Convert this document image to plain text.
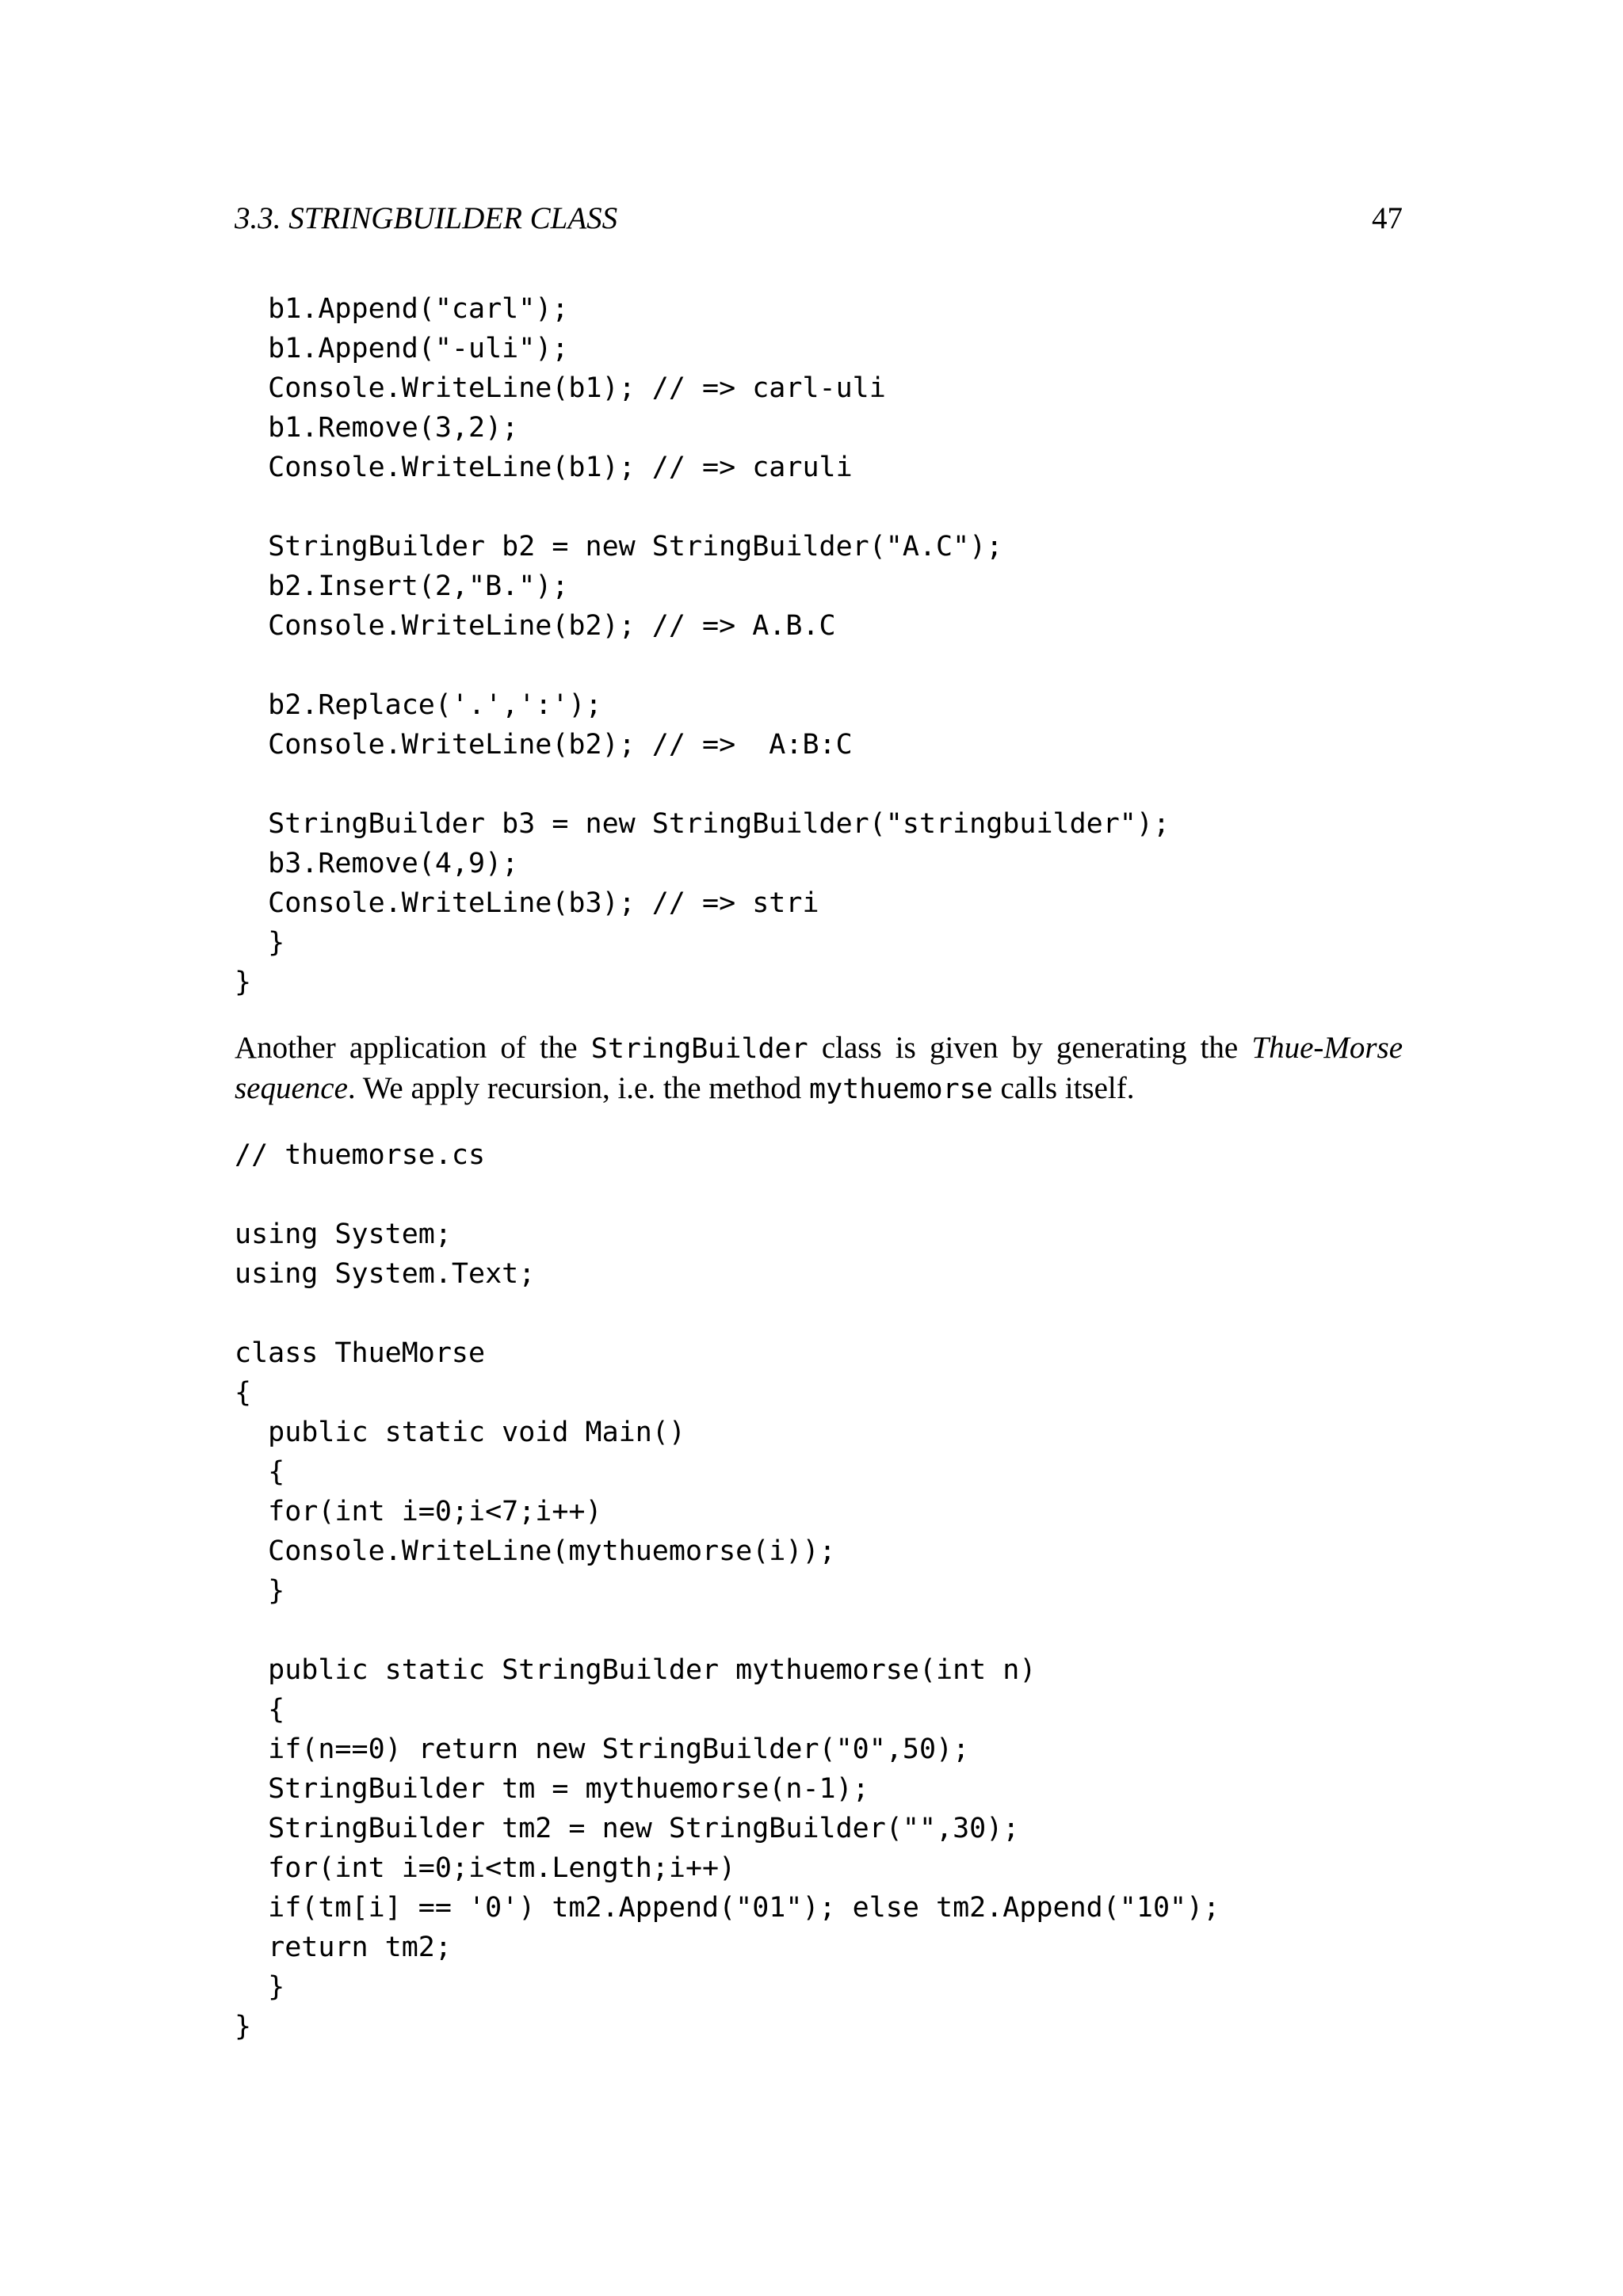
3.3. STRINGBUILDER CLASS	47
b1.Append("carl");
b1.Append("-uli");
Console.WriteLine(b1); // => carl-uli
b1.Remove(3,2);
Console.WriteLine(b1); // => caruli
StringBuilder b2 = new StringBuilder("A.C");
b2.Insert(2,"B.");
Console.WriteLine(b2); // => A.B.C
b2.Replace('.',':');
Console.WriteLine(b2); // =>  A:B:C
StringBuilder b3 = new StringBuilder("stringbuilder");
b3.Remove(4,9);
Console.WriteLine(b3); // => stri
}
}

Another application of the StringBuilder class is given by generating the Thue-Morse sequence. We apply recursion, i.e. the method mythuemorse calls itself.

// thuemorse.cs
using System;
using System.Text;
class ThueMorse
{
public static void Main()
{
for(int i=0;i<7;i++)
Console.WriteLine(mythuemorse(i));
}
public static StringBuilder mythuemorse(int n)
{
if(n==0) return new StringBuilder("0",50);
StringBuilder tm = mythuemorse(n-1);
StringBuilder tm2 = new StringBuilder("",30);
for(int i=0;i<tm.Length;i++)
if(tm[i] == '0') tm2.Append("01"); else tm2.Append("10");
return tm2;
}
}
